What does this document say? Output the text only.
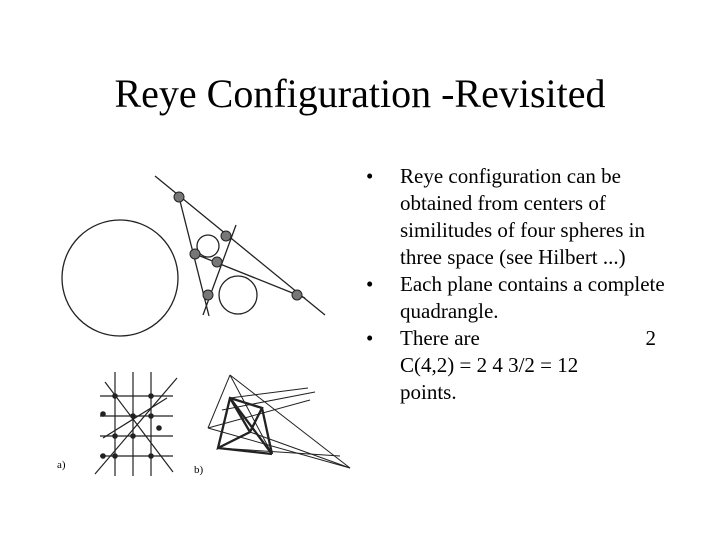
Reye Configuration -Revisited
• Reye configuration can be obtained from centers of similitudes of four spheres in three space (see Hilbert ...)
• Each plane contains a complete quadrangle.
• There are	2
C(4,2) = 2 4 3/2 = 12
points.
a)	b)
